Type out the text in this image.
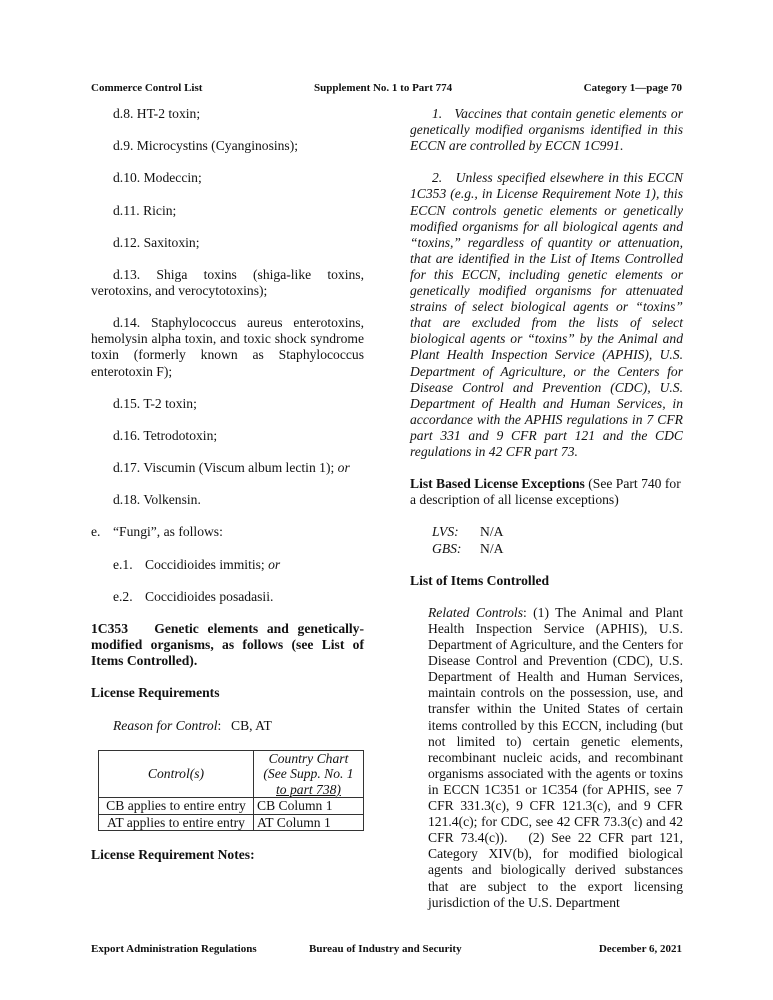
Commerce Control List	Supplement No. 1 to Part 774	Category 1—page 70

d.8. HT-2 toxin;

d.9. Microcystins (Cyanginosins);

d.10. Modeccin;

d.11. Ricin;

d.12. Saxitoxin;

d.13. Shiga toxins (shiga-like toxins, verotoxins, and verocytotoxins);

d.14. Staphylococcus aureus enterotoxins, hemolysin alpha toxin, and toxic shock syndrome toxin (formerly known as Staphylococcus enterotoxin F);

d.15. T-2 toxin;

d.16. Tetrodotoxin;

d.17. Viscumin (Viscum album lectin 1); or

d.18. Volkensin.

e. “Fungi”, as follows:

e.1. Coccidioides immitis; or

e.2. Coccidioides posadasii.

1C353   Genetic elements and genetically-modified organisms, as follows (see List of Items Controlled).

License Requirements

Reason for Control: CB, AT

Control(s)	Country Chart
(See Supp. No. 1
to part 738)

CB applies to entire entry	CB Column 1
AT applies to entire entry	AT Column 1

License Requirement Notes:

1.   Vaccines that contain genetic elements or genetically modified organisms identified in this ECCN are controlled by ECCN 1C991.

2.   Unless specified elsewhere in this ECCN 1C353 (e.g., in License Requirement Note 1), this ECCN controls genetic elements or genetically modified organisms for all biological agents and “toxins,” regardless of quantity or attenuation, that are identified in the List of Items Controlled for this ECCN, including genetic elements or genetically modified organisms for attenuated strains of select biological agents or “toxins” that are excluded from the lists of select biological agents or “toxins” by the Animal and Plant Health Inspection Service (APHIS), U.S. Department of Agriculture, or the Centers for Disease Control and Prevention (CDC), U.S. Department of Health and Human Services, in accordance with the APHIS regulations in 7 CFR part 331 and 9 CFR part 121 and the CDC regulations in 42 CFR part 73.

List Based License Exceptions (See Part 740 for a description of all license exceptions)

LVS: N/A

GBS: N/A

List of Items Controlled

Related Controls: (1) The Animal and Plant Health Inspection Service (APHIS), U.S. Department of Agriculture, and the Centers for Disease Control and Prevention (CDC), U.S. Department of Health and Human Services, maintain controls on the possession, use, and transfer within the United States of certain items controlled by this ECCN, including (but not limited to) certain genetic elements, recombinant nucleic acids, and recombinant organisms associated with the agents or toxins in ECCN 1C351 or 1C354 (for APHIS, see 7 CFR 331.3(c), 9 CFR 121.3(c), and 9 CFR 121.4(c); for CDC, see 42 CFR 73.3(c) and 42 CFR 73.4(c)).   (2) See 22 CFR part 121, Category XIV(b), for modified biological agents and biologically derived substances that are subject to the export licensing jurisdiction of the U.S. Department

Export Administration Regulations	Bureau of Industry and Security	December 6, 2021
